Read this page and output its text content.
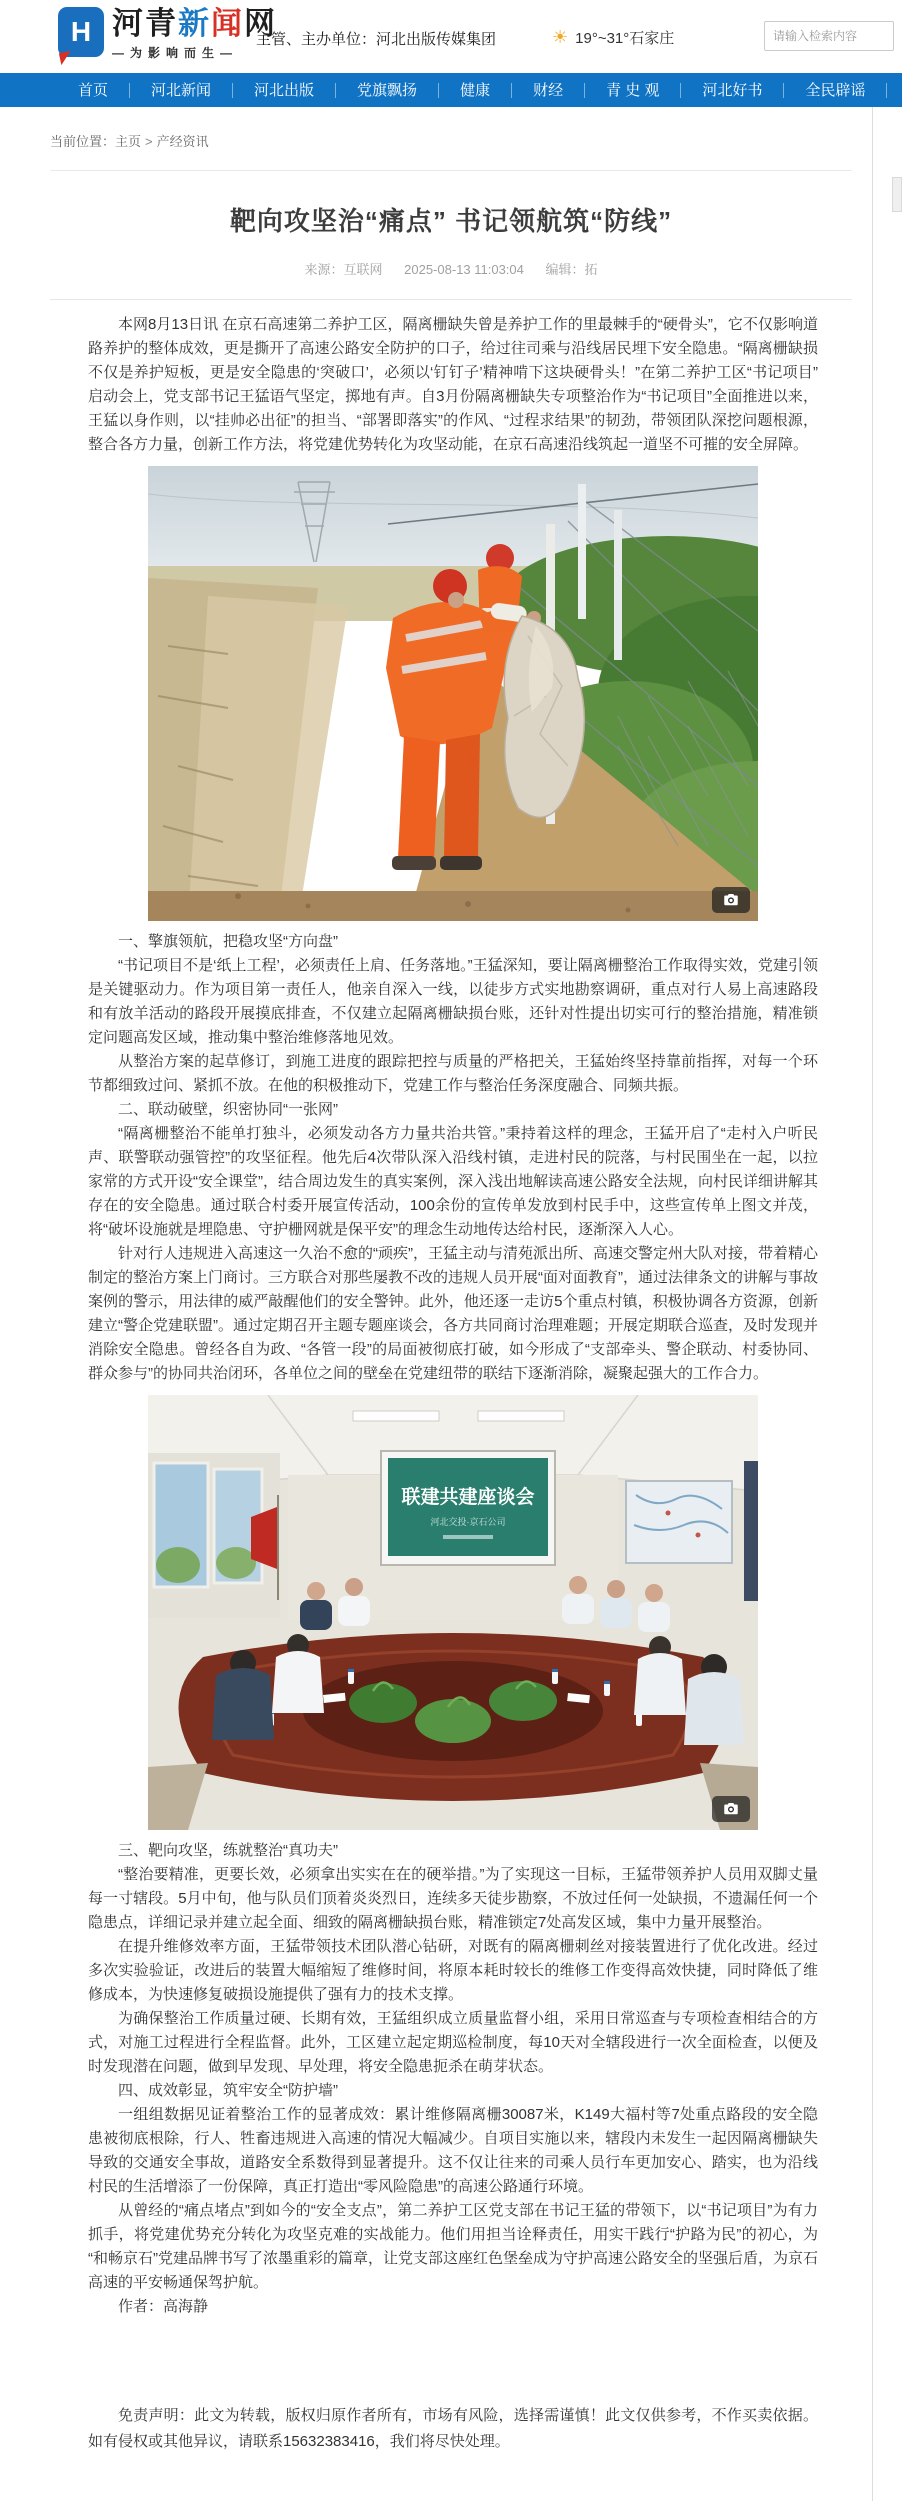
H 河青新闻网
—为影响而生—
主管、主办单位：河北出版传媒集团	☀ 19°~31°石家庄
请输入检索内容
首页	河北新闻	河北出版	党旗飘扬	健康	财经	青 史 观	河北好书	全民辟谣
当前位置：主页 > 产经资讯
靶向攻坚治“痛点” 书记领航筑“防线”
来源：互联网 2025-08-13 11:03:04 编辑：拓

本网8月13日讯 在京石高速第二养护工区，隔离栅缺失曾是养护工作的里最棘手的“硬骨头”，它不仅影响道路养护的整体成效，更是撕开了高速公路安全防护的口子，给过往司乘与沿线居民埋下安全隐患。“隔离栅缺损不仅是养护短板，更是安全隐患的‘突破口’，必须以‘钉钉子’精神啃下这块硬骨头！”在第二养护工区“书记项目”启动会上，党支部书记王猛语气坚定，掷地有声。自3月份隔离栅缺失专项整治作为“书记项目”全面推进以来，王猛以身作则，以“挂帅必出征”的担当、“部署即落实”的作风、“过程求结果”的韧劲，带领团队深挖问题根源，整合各方力量，创新工作方法，将党建优势转化为攻坚动能，在京石高速沿线筑起一道坚不可摧的安全屏障。

一、擎旗领航，把稳攻坚“方向盘”

“书记项目不是‘纸上工程’，必须责任上肩、任务落地。”王猛深知，要让隔离栅整治工作取得实效，党建引领是关键驱动力。作为项目第一责任人，他亲自深入一线，以徒步方式实地勘察调研，重点对行人易上高速路段和有放羊活动的路段开展摸底排查，不仅建立起隔离栅缺损台账，还针对性提出切实可行的整治措施，精准锁定问题高发区域，推动集中整治维修落地见效。

从整治方案的起草修订，到施工进度的跟踪把控与质量的严格把关，王猛始终坚持靠前指挥，对每一个环节都细致过问、紧抓不放。在他的积极推动下，党建工作与整治任务深度融合、同频共振。

二、联动破壁，织密协同“一张网”

“隔离栅整治不能单打独斗，必须发动各方力量共治共管。”秉持着这样的理念，王猛开启了“走村入户听民声、联警联动强管控”的攻坚征程。他先后4次带队深入沿线村镇，走进村民的院落，与村民围坐在一起，以拉家常的方式开设“安全课堂”，结合周边发生的真实案例，深入浅出地解读高速公路安全法规，向村民详细讲解其存在的安全隐患。通过联合村委开展宣传活动，100余份的宣传单发放到村民手中，这些宣传单上图文并茂，将“破坏设施就是埋隐患、守护栅网就是保平安”的理念生动地传达给村民，逐渐深入人心。

针对行人违规进入高速这一久治不愈的“顽疾”，王猛主动与清苑派出所、高速交警定州大队对接，带着精心制定的整治方案上门商讨。三方联合对那些屡教不改的违规人员开展“面对面教育”，通过法律条文的讲解与事故案例的警示，用法律的威严敲醒他们的安全警钟。此外，他还逐一走访5个重点村镇，积极协调各方资源，创新建立“警企党建联盟”。通过定期召开主题专题座谈会，各方共同商讨治理难题；开展定期联合巡查，及时发现并消除安全隐患。曾经各自为政、“各管一段”的局面被彻底打破，如今形成了“支部牵头、警企联动、村委协同、群众参与”的协同共治闭环，各单位之间的壁垒在党建纽带的联结下逐渐消除，凝聚起强大的工作合力。

联建共建座谈会
河北交投·京石公司

三、靶向攻坚，练就整治“真功夫”

“整治要精准，更要长效，必须拿出实实在在的硬举措。”为了实现这一目标，王猛带领养护人员用双脚丈量每一寸辖段。5月中旬，他与队员们顶着炎炎烈日，连续多天徒步勘察，不放过任何一处缺损，不遗漏任何一个隐患点，详细记录并建立起全面、细致的隔离栅缺损台账，精准锁定7处高发区域，集中力量开展整治。

在提升维修效率方面，王猛带领技术团队潜心钻研，对既有的隔离栅刺丝对接装置进行了优化改进。经过多次实验验证，改进后的装置大幅缩短了维修时间，将原本耗时较长的维修工作变得高效快捷，同时降低了维修成本，为快速修复破损设施提供了强有力的技术支撑。

为确保整治工作质量过硬、长期有效，王猛组织成立质量监督小组，采用日常巡查与专项检查相结合的方式，对施工过程进行全程监督。此外，工区建立起定期巡检制度，每10天对全辖段进行一次全面检查，以便及时发现潜在问题，做到早发现、早处理，将安全隐患扼杀在萌芽状态。

四、成效彰显，筑牢安全“防护墙”

一组组数据见证着整治工作的显著成效：累计维修隔离栅30087米，K149大福村等7处重点路段的安全隐患被彻底根除，行人、牲畜违规进入高速的情况大幅减少。自项目实施以来，辖段内未发生一起因隔离栅缺失导致的交通安全事故，道路安全系数得到显著提升。这不仅让往来的司乘人员行车更加安心、踏实，也为沿线村民的生活增添了一份保障，真正打造出“零风险隐患”的高速公路通行环境。

从曾经的“痛点堵点”到如今的“安全支点”，第二养护工区党支部在书记王猛的带领下，以“书记项目”为有力抓手，将党建优势充分转化为攻坚克难的实战能力。他们用担当诠释责任，用实干践行“护路为民”的初心，为“和畅京石”党建品牌书写了浓墨重彩的篇章，让党支部这座红色堡垒成为守护高速公路安全的坚强后盾，为京石高速的平安畅通保驾护航。

作者：高海静

免责声明：此文为转载，版权归原作者所有，市场有风险，选择需谨慎！此文仅供参考，不作买卖依据。如有侵权或其他异议，请联系15632383416，我们将尽快处理。
